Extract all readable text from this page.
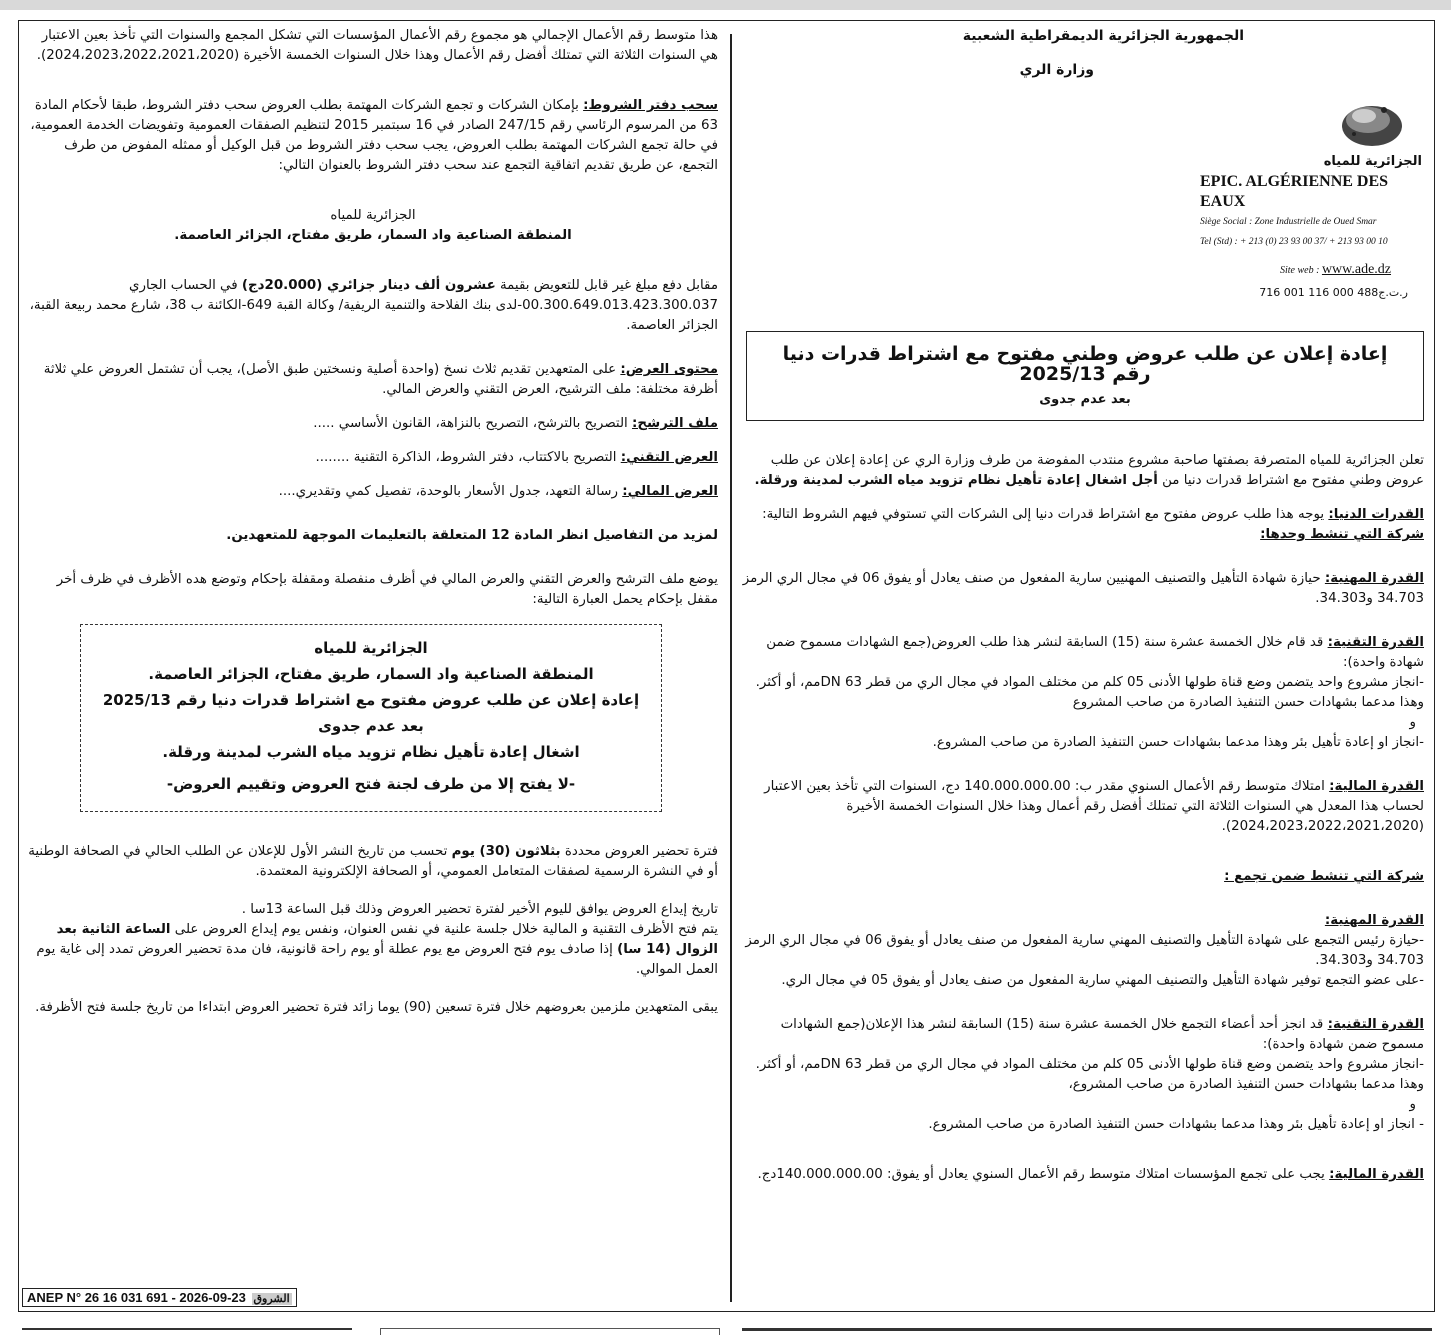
الجمهورية الجزائرية الديمقراطية الشعبية

وزارة الري

الجزائرية للمياه

EPIC. ALGÉRIENNE DES EAUX

Siège Social : Zone Industrielle de Oued Smar

Tel (Std) : + 213 (0) 23 93 00 37/ + 213 93 00 10

Site web : www.ade.dz

ر.ت.ج488 000 116 001 716

إعادة إعلان عن طلب عروض وطني مفتوح مع اشتراط قدرات دنيا رقم 2025/13

بعد عدم جدوى

تعلن الجزائرية للمياه المتصرفة بصفتها صاحبة مشروع منتدب المفوضة من طرف وزارة الري عن إعادة إعلان عن طلب عروض وطني مفتوح مع اشتراط قدرات دنيا من أجل اشغال إعادة تأهيل نظام تزويد مياه الشرب لمدينة ورقلة.

القدرات الدنيا: يوجه هذا طلب عروض مفتوح مع اشتراط قدرات دنيا إلى الشركات التي تستوفي فيهم الشروط التالية:

شركة التي تنشط وحدها:

القدرة المهنية: حيازة شهادة التأهيل والتصنيف المهنيين سارية المفعول من صنف يعادل أو يفوق 06 في مجال الري الرمز 34.703 و34.303.

القدرة التقنية: قد قام خلال الخمسة عشرة سنة (15) السابقة لنشر هذا طلب العروض(جمع الشهادات مسموح ضمن شهادة واحدة):

-انجاز مشروع واحد يتضمن وضع قناة طولها الأدنى 05 كلم من مختلف المواد في مجال الري من قطر DN 63مم، أو أكثر.

وهذا مدعما بشهادات حسن التنفيذ الصادرة من صاحب المشروع

و

-انجاز او إعادة تأهيل بئر وهذا مدعما بشهادات حسن التنفيذ الصادرة من صاحب المشروع.

القدرة المالية: امتلاك متوسط رقم الأعمال السنوي مقدر ب: 140.000.000.00 دج، السنوات التي تأخذ بعين الاعتبار لحساب هذا المعدل هي السنوات الثلاثة التي تمتلك أفضل رقم أعمال وهذا خلال السنوات الخمسة الأخيرة (2024،2023،2022،2021،2020).

شركة التي تنشط ضمن تجمع :

القدرة المهنية:

-حيازة رئيس التجمع على شهادة التأهيل والتصنيف المهني سارية المفعول من صنف يعادل أو يفوق 06 في مجال الري الرمز 34.703 و34.303.

-على عضو التجمع توفير شهادة التأهيل والتصنيف المهني سارية المفعول من صنف يعادل أو يفوق 05 في مجال الري.

القدرة التقنية: قد انجز أحد أعضاء التجمع خلال الخمسة عشرة سنة (15) السابقة لنشر هذا الإعلان(جمع الشهادات مسموح ضمن شهادة واحدة):

-انجاز مشروع واحد يتضمن وضع قناة طولها الأدنى 05 كلم من مختلف المواد في مجال الري من قطر DN 63مم، أو أكثر.

وهذا مدعما بشهادات حسن التنفيذ الصادرة من صاحب المشروع،

و

- انجاز او إعادة تأهيل بئر وهذا مدعما بشهادات حسن التنفيذ الصادرة من صاحب المشروع.

القدرة المالية: يجب على تجمع المؤسسات امتلاك متوسط رقم الأعمال السنوي يعادل أو يفوق: 140.000.000.00دج.

هذا متوسط رقم الأعمال الإجمالي هو مجموع رقم الأعمال المؤسسات التي تشكل المجمع والسنوات التي تأخذ بعين الاعتبار هي السنوات الثلاثة التي تمتلك أفضل رقم الأعمال وهذا خلال السنوات الخمسة الأخيرة (2024،2023،2022،2021،2020).

سحب دفتر الشروط: بإمكان الشركات و تجمع الشركات المهتمة بطلب العروض سحب دفتر الشروط، طبقا لأحكام المادة 63 من المرسوم الرئاسي رقم 247/15 الصادر في 16 سبتمبر 2015 لتنظيم الصفقات العمومية وتفويضات الخدمة العمومية، في حالة تجمع الشركات المهتمة بطلب العروض، يجب سحب دفتر الشروط من قبل الوكيل أو ممثله المفوض من طرف التجمع، عن طريق تقديم اتفاقية التجمع عند سحب دفتر الشروط بالعنوان التالي:

الجزائرية للمياه

المنطقة الصناعية واد السمار، طريق مفتاح، الجزائر العاصمة.

مقابل دفع مبلغ غير قابل للتعويض بقيمة عشرون ألف دينار جزائري (20.000دج) في الحساب الجاري 00.300.649.013.423.300.037-لدى بنك الفلاحة والتنمية الريفية/ وكالة القبة 649-الكائنة ب 38، شارع محمد ربيعة القبة، الجزائر العاصمة.

محتوى العرض: على المتعهدين تقديم ثلاث نسخ (واحدة أصلية ونسختين طبق الأصل)، يجب أن تشتمل العروض علي ثلاثة أظرفة مختلفة: ملف الترشيح، العرض التقني والعرض المالي.

ملف الترشح: التصريح بالترشح، التصريح بالنزاهة، القانون الأساسي .....

العرض التقني: التصريح بالاكتتاب، دفتر الشروط، الذاكرة التقنية ........

العرض المالي: رسالة التعهد، جدول الأسعار بالوحدة، تفصيل كمي وتقديري....

لمزيد من التفاصيل انظر المادة 12 المتعلقة بالتعليمات الموجهة للمتعهدين.

يوضع ملف الترشح والعرض التقني والعرض المالي في أظرف منفصلة ومقفلة بإحكام وتوضع هده الأظرف في ظرف أخر مقفل بإحكام يحمل العبارة التالية:

الجزائرية للمياه

المنطقة الصناعية واد السمار، طريق مفتاح، الجزائر العاصمة.

إعادة إعلان عن طلب عروض مفتوح مع اشتراط قدرات دنيا رقم 2025/13

بعد عدم جدوى

اشغال إعادة تأهيل نظام تزويد مياه الشرب لمدينة ورقلة.

-لا يفتح إلا من طرف لجنة فتح العروض وتقييم العروض-

فترة تحضير العروض محددة بثلاثون (30) يوم تحسب من تاريخ النشر الأول للإعلان عن الطلب الحالي في الصحافة الوطنية أو في النشرة الرسمية لصفقات المتعامل العمومي، أو الصحافة الإلكترونية المعتمدة.

تاريخ إيداع العروض يوافق لليوم الأخير لفترة تحضير العروض وذلك قبل الساعة 13سا .

يتم فتح الأظرف التقنية و المالية خلال جلسة علنية في نفس العنوان، ونفس يوم إيداع العروض على الساعة الثانية بعد الزوال (14 سا) إذا صادف يوم فتح العروض مع يوم عطلة أو يوم راحة قانونية، فان مدة تحضير العروض تمدد إلى غاية يوم العمل الموالي.

يبقى المتعهدين ملزمين بعروضهم خلال فترة تسعين (90) يوما زائد فترة تحضير العروض ابتداءا من تاريخ جلسة فتح الأظرفة.

ANEP N° 26 16 031 691 - 2026-09-23 الشروق
